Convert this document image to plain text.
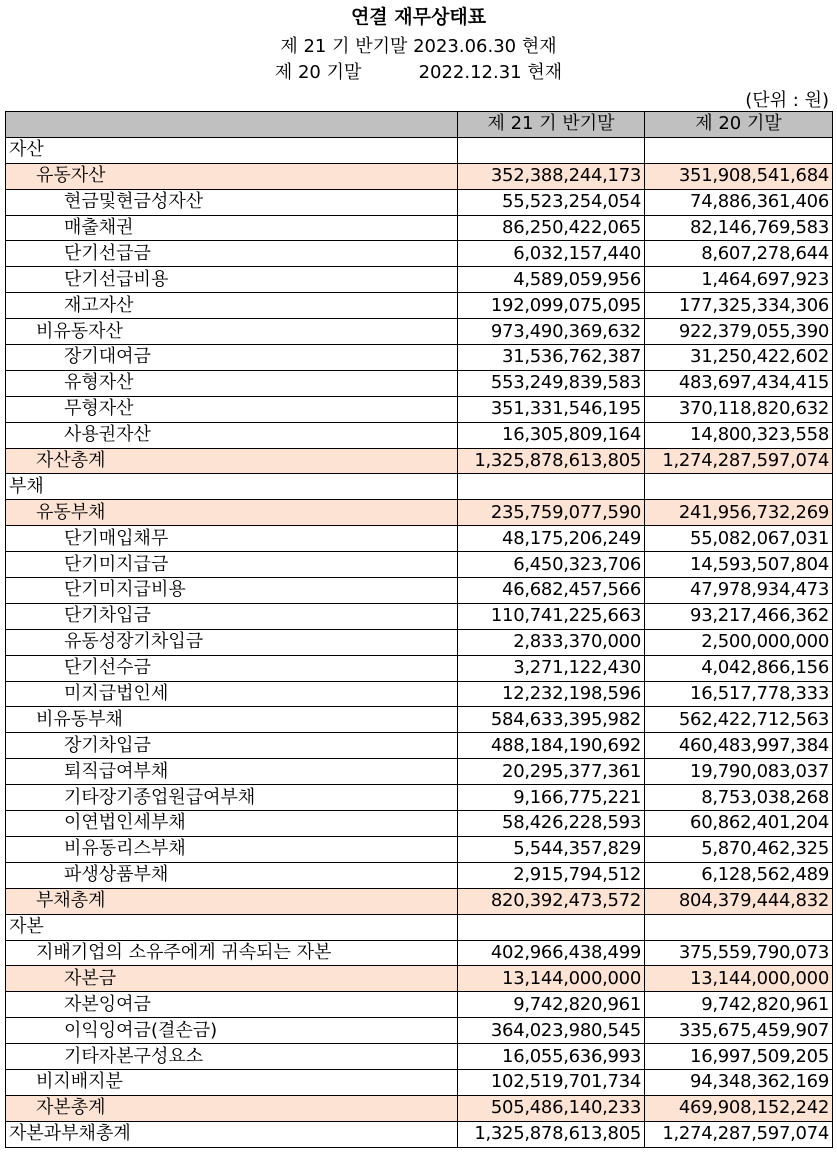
연결 재무상태표
제 21 기 반기말 2023.06.30 현재
제 20 기말          2022.12.31 현재
(단위 : 원)
	제 21 기 반기말	제 20 기말
자산		
유동자산	352,388,244,173	351,908,541,684
현금및현금성자산	55,523,254,054	74,886,361,406
매출채권	86,250,422,065	82,146,769,583
단기선급금	6,032,157,440	8,607,278,644
단기선급비용	4,589,059,956	1,464,697,923
재고자산	192,099,075,095	177,325,334,306
비유동자산	973,490,369,632	922,379,055,390
장기대여금	31,536,762,387	31,250,422,602
유형자산	553,249,839,583	483,697,434,415
무형자산	351,331,546,195	370,118,820,632
사용권자산	16,305,809,164	14,800,323,558
자산총계	1,325,878,613,805	1,274,287,597,074
부채		
유동부채	235,759,077,590	241,956,732,269
단기매입채무	48,175,206,249	55,082,067,031
단기미지급금	6,450,323,706	14,593,507,804
단기미지급비용	46,682,457,566	47,978,934,473
단기차입금	110,741,225,663	93,217,466,362
유동성장기차입금	2,833,370,000	2,500,000,000
단기선수금	3,271,122,430	4,042,866,156
미지급법인세	12,232,198,596	16,517,778,333
비유동부채	584,633,395,982	562,422,712,563
장기차입금	488,184,190,692	460,483,997,384
퇴직급여부채	20,295,377,361	19,790,083,037
기타장기종업원급여부채	9,166,775,221	8,753,038,268
이연법인세부채	58,426,228,593	60,862,401,204
비유동리스부채	5,544,357,829	5,870,462,325
파생상품부채	2,915,794,512	6,128,562,489
부채총계	820,392,473,572	804,379,444,832
자본		
지배기업의 소유주에게 귀속되는 자본	402,966,438,499	375,559,790,073
자본금	13,144,000,000	13,144,000,000
자본잉여금	9,742,820,961	9,742,820,961
이익잉여금(결손금)	364,023,980,545	335,675,459,907
기타자본구성요소	16,055,636,993	16,997,509,205
비지배지분	102,519,701,734	94,348,362,169
자본총계	505,486,140,233	469,908,152,242
자본과부채총계	1,325,878,613,805	1,274,287,597,074
